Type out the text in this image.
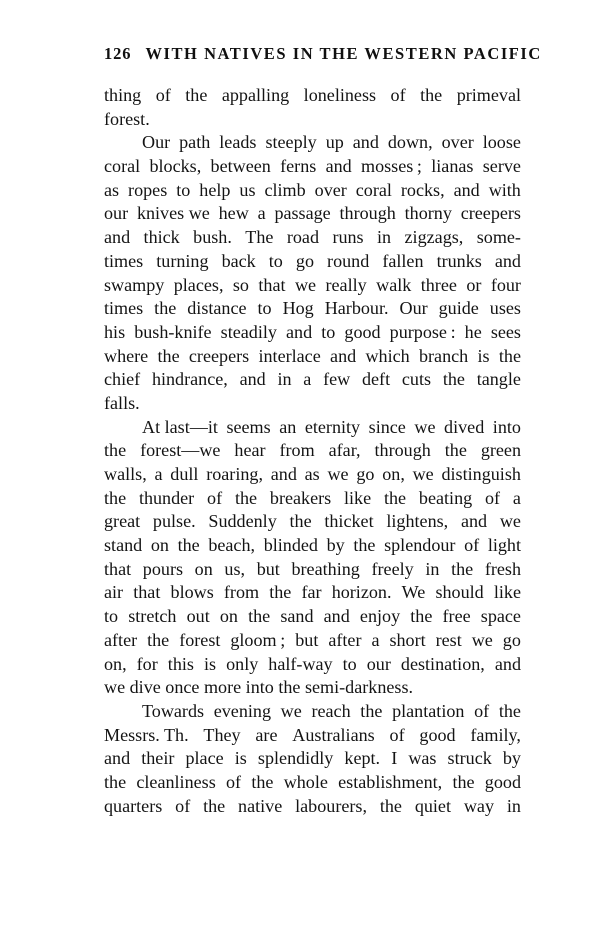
126 WITH NATIVES IN THE WESTERN PACIFIC
thing of the appalling loneliness of the primeval
forest.
Our path leads steeply up and down, over loose
coral blocks, between ferns and mosses ; lianas serve
as ropes to help us climb over coral rocks, and with
our knives we hew a passage through thorny creepers
and thick bush. The road runs in zigzags, some-
times turning back to go round fallen trunks and
swampy places, so that we really walk three or four
times the distance to Hog Harbour. Our guide uses
his bush-knife steadily and to good purpose : he sees
where the creepers interlace and which branch is the
chief hindrance, and in a few deft cuts the tangle
falls.
At last—it seems an eternity since we dived into
the forest—we hear from afar, through the green
walls, a dull roaring, and as we go on, we distinguish
the thunder of the breakers like the beating of a
great pulse. Suddenly the thicket lightens, and we
stand on the beach, blinded by the splendour of light
that pours on us, but breathing freely in the fresh
air that blows from the far horizon. We should like
to stretch out on the sand and enjoy the free space
after the forest gloom ; but after a short rest we go
on, for this is only half-way to our destination, and
we dive once more into the semi-darkness.
Towards evening we reach the plantation of the
Messrs. Th. They are Australians of good family,
and their place is splendidly kept. I was struck by
the cleanliness of the whole establishment, the good
quarters of the native labourers, the quiet way in
